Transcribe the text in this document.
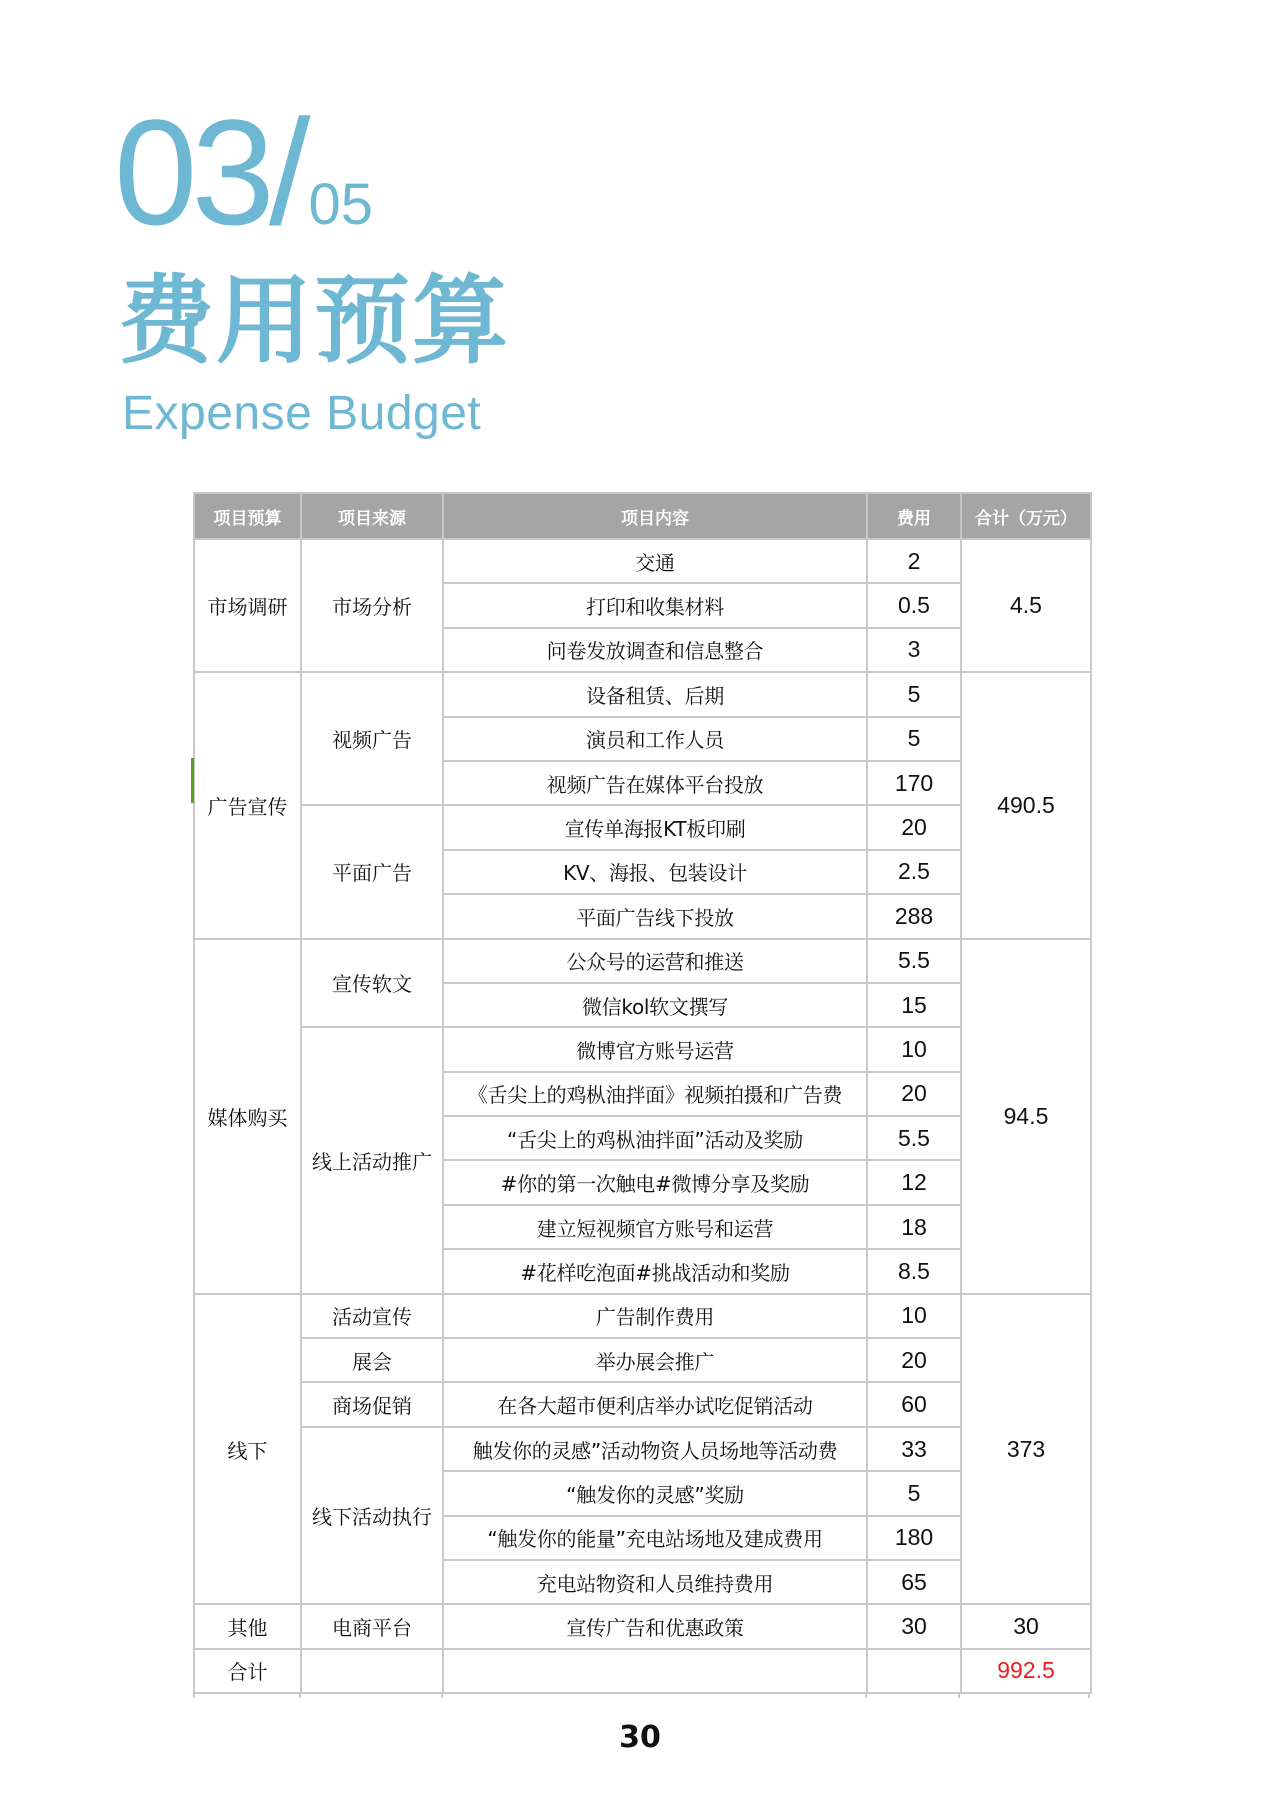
03/05
费用预算
Expense Budget
项目预算	项目来源	项目内容	费用	合计（万元）
市场调研	市场分析	交通	2	4.5
		打印和收集材料	0.5	
		问卷发放调查和信息整合	3	
广告宣传	视频广告	设备租赁、后期	5	490.5
		演员和工作人员	5	
		视频广告在媒体平台投放	170	
	平面广告	宣传单海报KT板印刷	20	
		KV、海报、包装设计	2.5	
		平面广告线下投放	288	
媒体购买	宣传软文	公众号的运营和推送	5.5	94.5
		微信kol软文撰写	15	
	线上活动推广	微博官方账号运营	10	
		《舌尖上的鸡枞油拌面》视频拍摄和广告费	20	
		“舌尖上的鸡枞油拌面”活动及奖励	5.5	
		#你的第一次触电#微博分享及奖励	12	
		建立短视频官方账号和运营	18	
		#花样吃泡面#挑战活动和奖励	8.5	
线下	活动宣传	广告制作费用	10	373
	展会	举办展会推广	20	
	商场促销	在各大超市便利店举办试吃促销活动	60	
	线下活动执行	触发你的灵感”活动物资人员场地等活动费	33	
		“触发你的灵感”奖励	5	
		“触发你的能量”充电站场地及建成费用	180	
		充电站物资和人员维持费用	65	
其他	电商平台	宣传广告和优惠政策	30	30
合计				992.5
30
